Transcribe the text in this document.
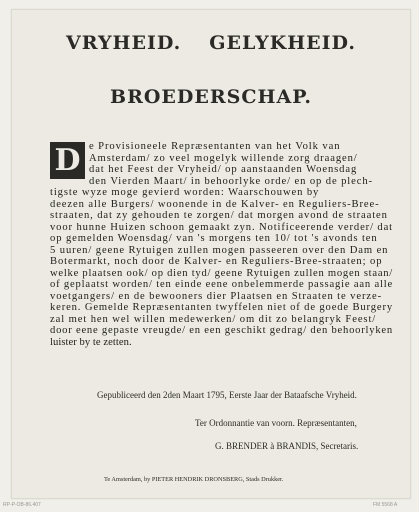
VRYHEID. GELYKHEID.
BROEDERSCHAP.
D e Provisioneele Repræsentanten van het Volk van
Amsterdam/ zo veel mogelyk willende zorg draagen/
dat het Feest der Vryheid/ op aanstaanden Woensdag
den Vierden Maart/ in behoorlyke orde/ en op de plech-
tigste wyze moge gevierd worden: Waarschouwen by
deezen alle Burgers/ woonende in de Kalver- en Reguliers-Bree-
straaten, dat zy gehouden te zorgen/ dat morgen avond de straaten
voor hunne Huizen schoon gemaakt zyn. Notificeerende verder/ dat
op gemelden Woensdag/ van 's morgens ten 10/ tot 's avonds ten
5 uuren/ geene Rytuigen zullen mogen passeeren over den Dam en
Botermarkt, noch door de Kalver- en Reguliers-Bree-straaten; op
welke plaatsen ook/ op dien tyd/ geene Rytuigen zullen mogen staan/
of geplaatst worden/ ten einde eene onbelemmerde passagie aan alle
voetgangers/ en de bewooners dier Plaatsen en Straaten te verze-
keren. Gemelde Repræsentanten twyffelen niet of de goede Burgery
zal met hen wel willen medewerken/ om dit zo belangryk Feest/
door eene gepaste vreugde/ en een geschikt gedrag/ den behoorlyken
luister by te zetten.
Gepubliceerd den 2den Maart 1795, Eerste Jaar der Bataafsche Vryheid.
Ter Ordonnantie van voorn. Repræsentanten,
G. BRENDER à BRANDIS, Secretaris.
Te Amsterdam, by PIETER HENDRIK DRONSBERG, Stads Drukker.
RP-P-OB-86.407	FM 5568 A
